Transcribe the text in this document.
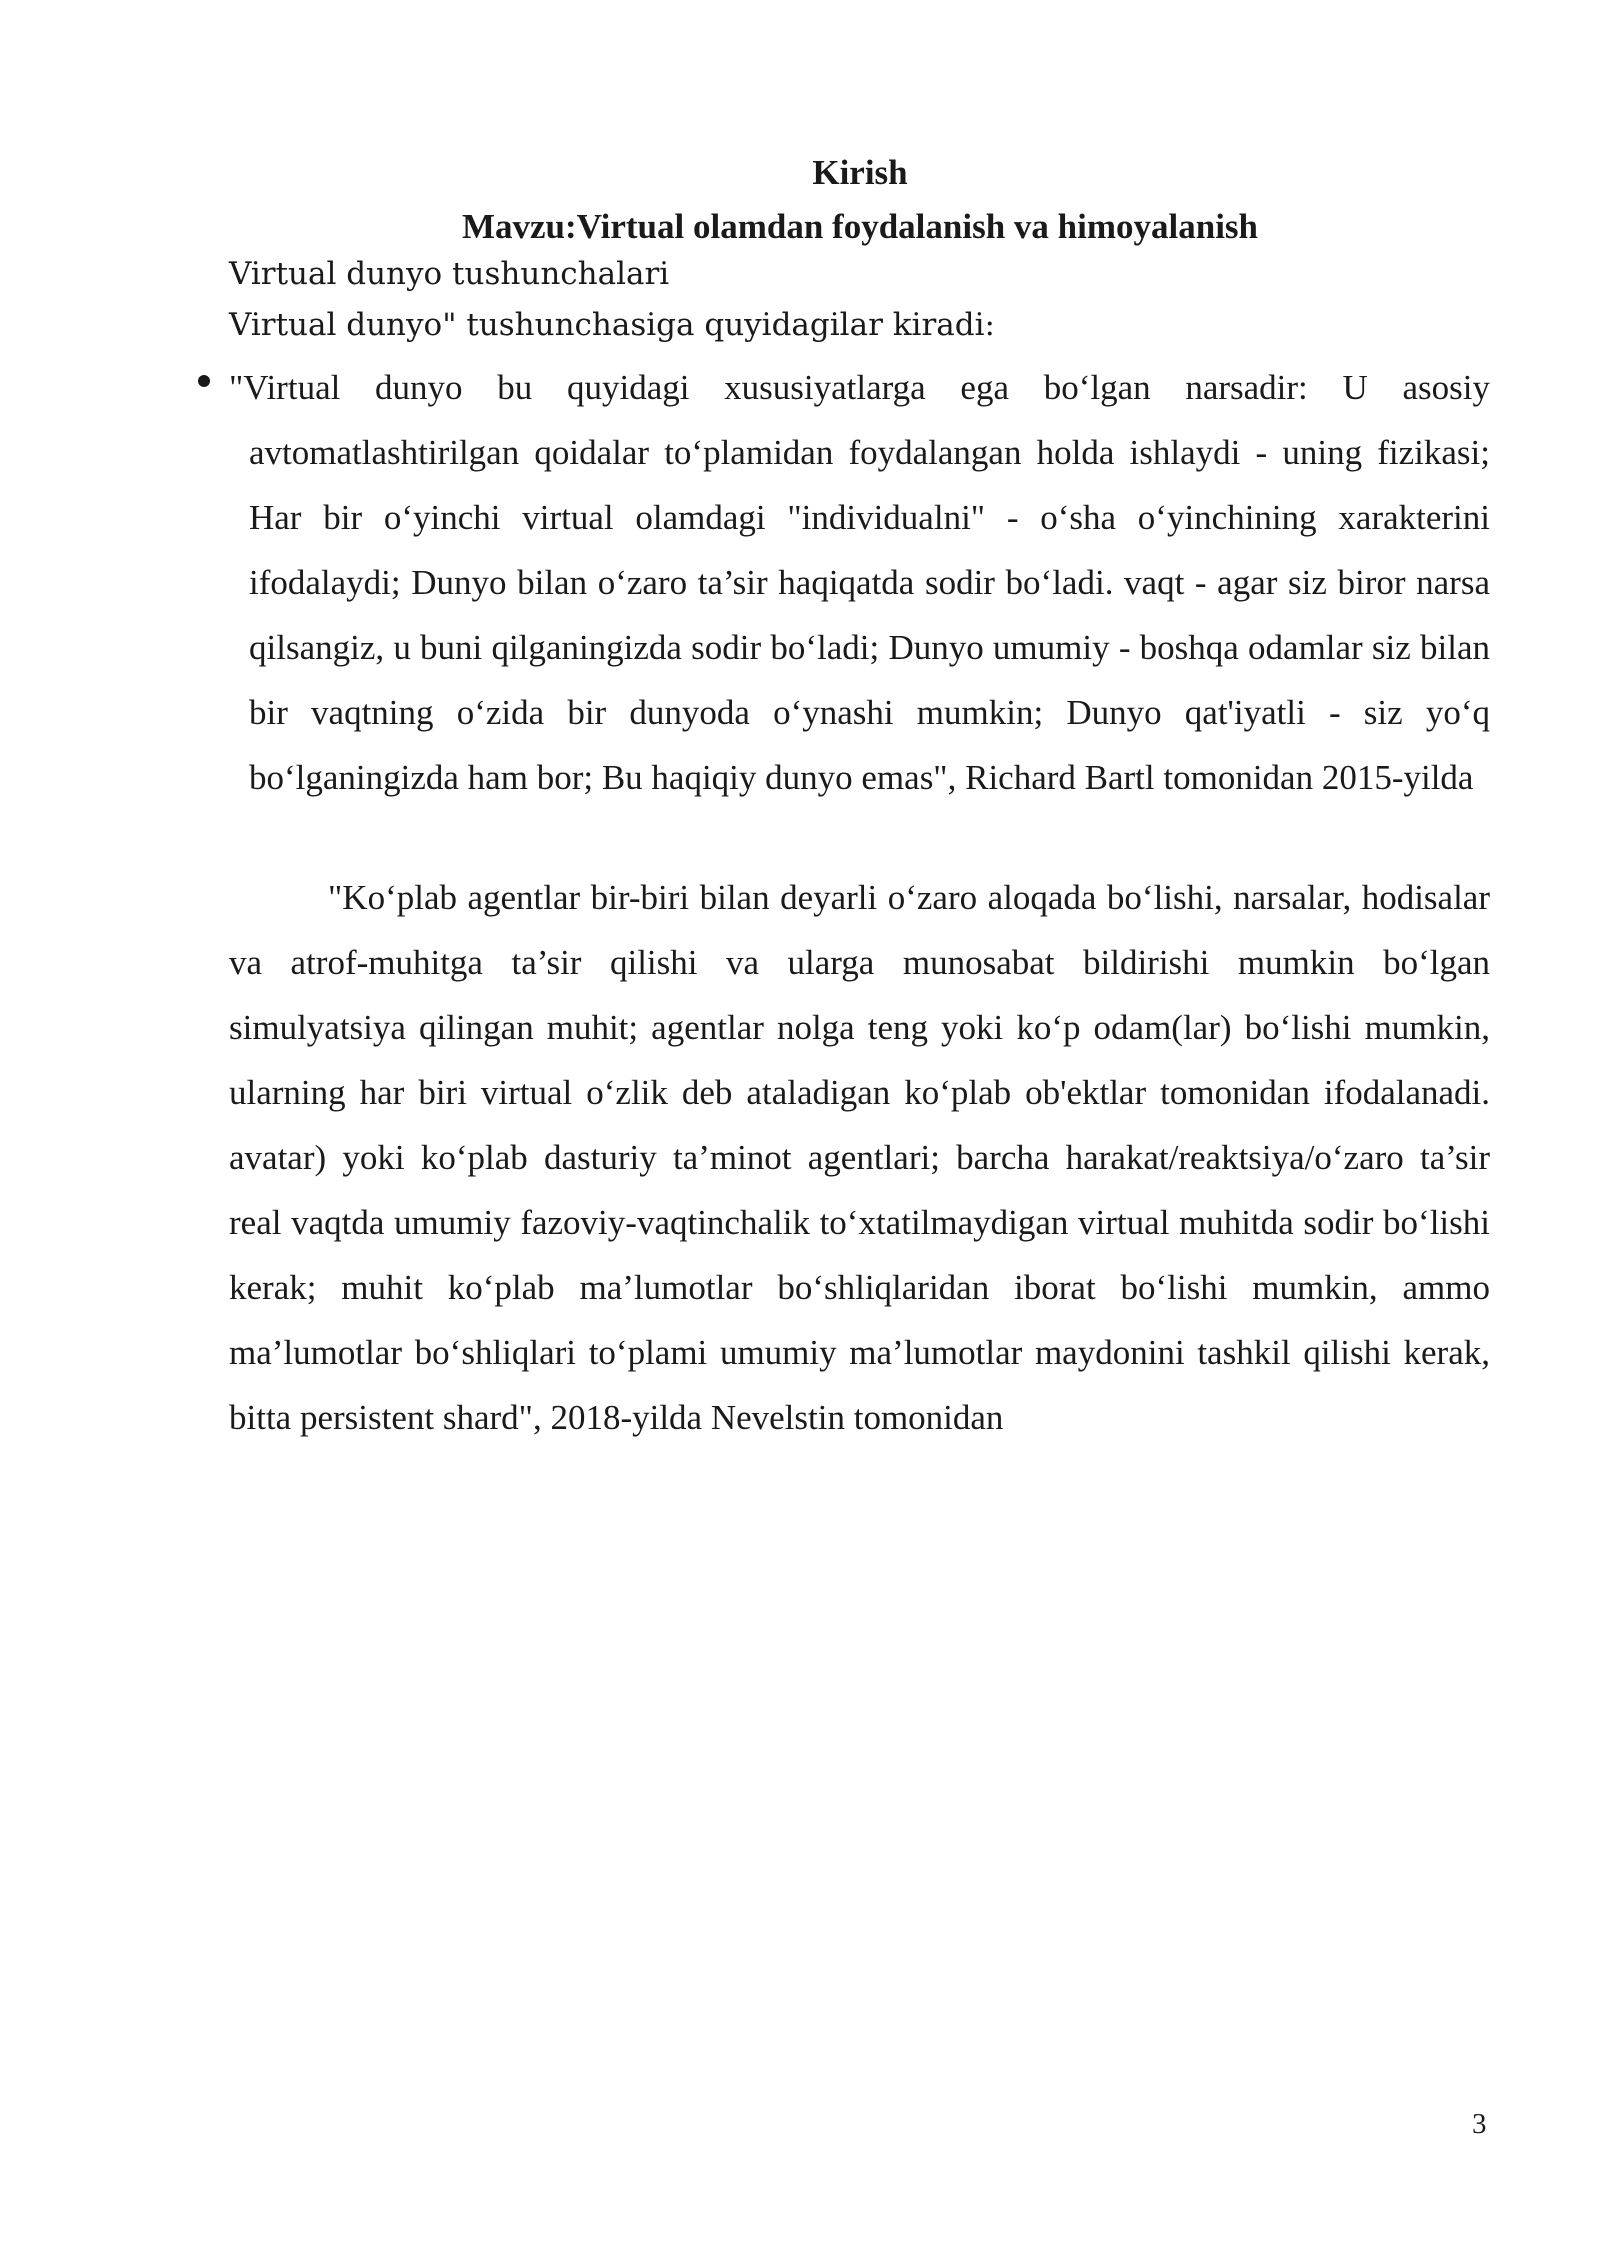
Kirish
Mavzu:Virtual olamdan foydalanish va himoyalanish

Virtual dunyo tushunchalari

Virtual dunyo" tushunchasiga quyidagilar kiradi:

"Virtual dunyo bu quyidagi xususiyatlarga ega bo‘lgan narsadir: U asosiy avtomatlashtirilgan qoidalar to‘plamidan foydalangan holda ishlaydi - uning fizikasi; Har bir o‘yinchi virtual olamdagi "individualni" - o‘sha o‘yinchining xarakterini ifodalaydi; Dunyo bilan o‘zaro ta’sir haqiqatda sodir bo‘ladi. vaqt - agar siz biror narsa qilsangiz, u buni qilganingizda sodir bo‘ladi; Dunyo umumiy - boshqa odamlar siz bilan bir vaqtning o‘zida bir dunyoda o‘ynashi mumkin; Dunyo qat'iyatli - siz yo‘q bo‘lganingizda ham bor; Bu haqiqiy dunyo emas", Richard Bartl tomonidan 2015-yilda

"Ko‘plab agentlar bir-biri bilan deyarli o‘zaro aloqada bo‘lishi, narsalar, hodisalar va atrof-muhitga ta’sir qilishi va ularga munosabat bildirishi mumkin bo‘lgan simulyatsiya qilingan muhit; agentlar nolga teng yoki ko‘p odam(lar) bo‘lishi mumkin, ularning har biri virtual o‘zlik deb ataladigan ko‘plab ob'ektlar tomonidan ifodalanadi. avatar) yoki ko‘plab dasturiy ta’minot agentlari; barcha harakat/reaktsiya/o‘zaro ta’sir real vaqtda umumiy fazoviy-vaqtinchalik to‘xtatilmaydigan virtual muhitda sodir bo‘lishi kerak; muhit ko‘plab ma’lumotlar bo‘shliqlaridan iborat bo‘lishi mumkin, ammo ma’lumotlar bo‘shliqlari to‘plami umumiy ma’lumotlar maydonini tashkil qilishi kerak, bitta persistent shard", 2018-yilda Nevelstin tomonidan

3
